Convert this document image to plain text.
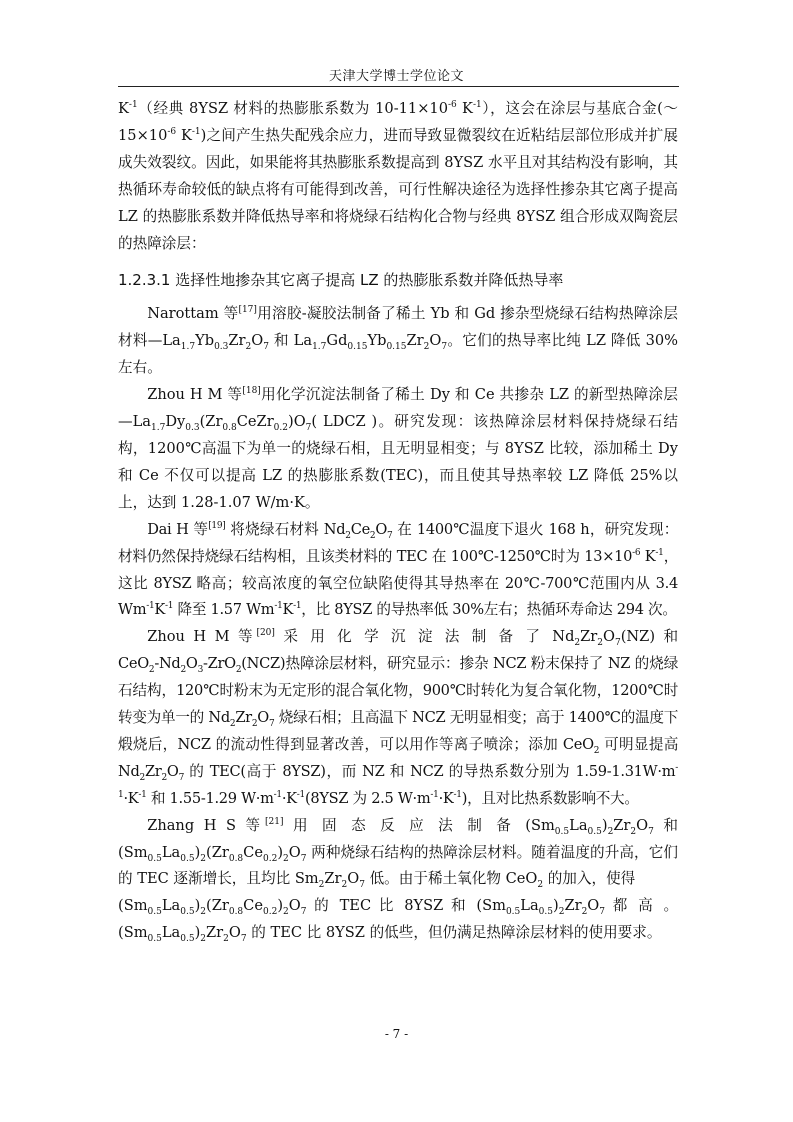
天津大学博士学位论文

$K^{-1}$（经典 8YSZ 材料的热膨胀系数为 $10-11\times 10^{-6}$ $K^{-1}$），这会在涂层与基底合金($\sim 15\times 10^{-6}$ $K^{-1}$)之间产生热失配残余应力，进而导致显微裂纹在近粘结层部位形成并扩展成失效裂纹。因此，如果能将其热膨胀系数提高到 8YSZ 水平且对其结构没有影响，其热循环寿命较低的缺点将有可能得到改善，可行性解决途径为选择性掺杂其它离子提高 LZ 的热膨胀系数并降低热导率和将烧绿石结构化合物与经典 8YSZ 组合形成双陶瓷层的热障涂层：

1.2.3.1 选择性地掺杂其它离子提高 LZ 的热膨胀系数并降低热导率

Narottam 等[17]用溶胶-凝胶法制备了稀土 Yb 和 Gd 掺杂型烧绿石结构热障涂层材料$—La_{1.7}Yb_{0.3}Zr_2O_7$ 和 $La_{1.7}Gd_{0.15}Yb_{0.15}Zr_2O_7$。它们的热导率比纯 LZ 降低 30%左右。

Zhou H M 等[18]用化学沉淀法制备了稀土 Dy 和 Ce 共掺杂 LZ 的新型热障涂层$—La_{1.7}Dy_{0.3}(Zr_{0.8}CeZr_{0.2})O_7$( LDCZ )。研究发现：该热障涂层材料保持烧绿石结构，1200℃高温下为单一的烧绿石相，且无明显相变；与 8YSZ 比较，添加稀土 Dy 和 Ce 不仅可以提高 LZ 的热膨胀系数(TEC)，而且使其导热率较 LZ 降低 25%以上，达到 1.28-1.07 W/m·K。

Dai H 等[19] 将烧绿石材料 $Nd_2Ce_2O_7$ 在 1400℃温度下退火 168 h，研究发现：材料仍然保持烧绿石结构相，且该类材料的 TEC 在 100℃-1250℃时为 $13\times 10^{-6}$ $K^{-1}$，这比 8YSZ 略高；较高浓度的氧空位缺陷使得其导热率在 20℃-700℃范围内从 3.4 $Wm^{-1}K^{-1}$ 降至 1.57 $Wm^{-1}K^{-1}$，比 8YSZ 的导热率低 30%左右；热循环寿命达 294 次。

Zhou H M 等[20] 采 用 化 学 沉 淀 法 制 备 了 $Nd_2Zr_2O_7(NZ)$ 和

$CeO_2-Nd_2O_3-ZrO_2(NCZ)$热障涂层材料，研究显示：掺杂 NCZ 粉末保持了 NZ 的烧绿石结构，120℃时粉末为无定形的混合氧化物，900℃时转化为复合氧化物，1200℃时转变为单一的 $Nd_2Zr_2O_7$ 烧绿石相；且高温下 NCZ 无明显相变；高于 1400℃的温度下煅烧后，NCZ 的流动性得到显著改善，可以用作等离子喷涂；添加 CeO$_2$ 可明显提高 $Nd_2Zr_2O_7$ 的 TEC(高于 8YSZ)，而 NZ 和 NCZ 的导热系数分别为 $1.59-1.31W\cdot m^{-1}\cdot K^{-1}$ 和 1.55-1.29 $W\cdot m^{-1}\cdot K^{-1}(8YSZ$ 为 2.5 $W\cdot m^{-1}\cdot K^{-1}$)，且对比热系数影响不大。

Zhang H S 等[21] 用 固 态 反 应 法 制 备 $(Sm_{0.5}La_{0.5})_2Zr_2O_7$ 和

$(Sm_{0.5}La_{0.5})_2(Zr_{0.8}Ce_{0.2})_2O_7$ 两种烧绿石结构的热障涂层材料。随着温度的升高，它们的 TEC 逐渐增长，且均比 $Sm_2Zr_2O_7$ 低。由于稀土氧化物 CeO$_2$ 的加入，使得

$(Sm_{0.5}La_{0.5})_2(Zr_{0.8}Ce_{0.2})_2O_7$ 的 TEC 比 8YSZ 和 $(Sm_{0.5}La_{0.5})_2Zr_2O_7$ 都 高 。

$(Sm_{0.5}La_{0.5})_2Zr_2O_7$ 的 TEC 比 8YSZ 的低些，但仍满足热障涂层材料的使用要求。

- 7 -
